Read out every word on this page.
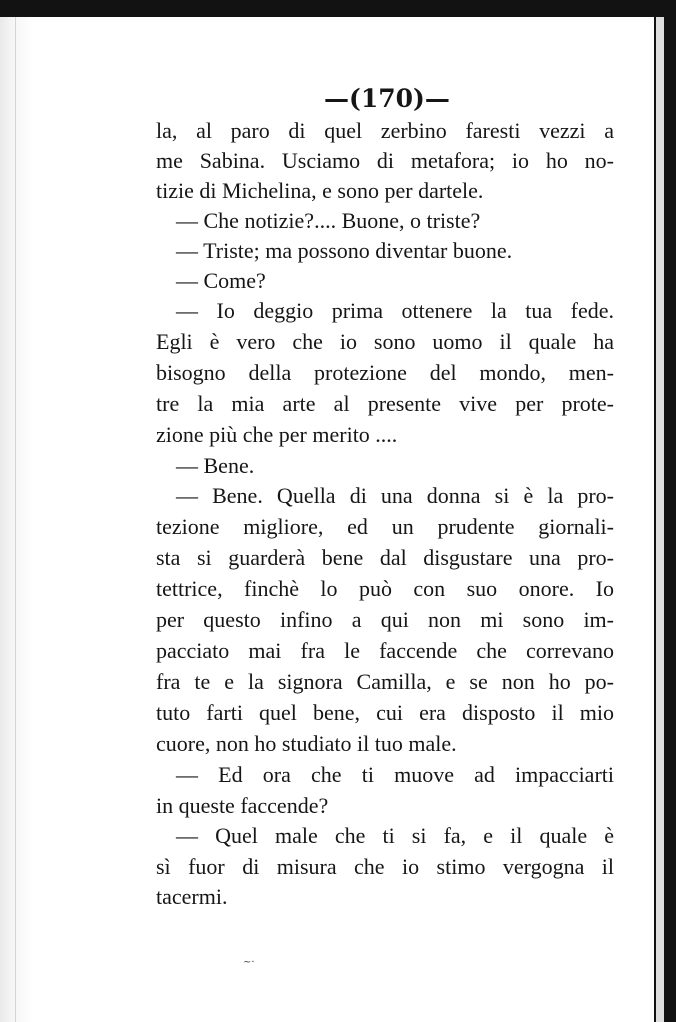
—(170)—
la, al paro di quel zerbino faresti vezzi a
me Sabina. Usciamo di metafora; io ho no-
tizie di Michelina, e sono per dartele.
— Che notizie?.... Buone, o triste?
— Triste; ma possono diventar buone.
— Come?
— Io deggio prima ottenere la tua fede.
Egli è vero che io sono uomo il quale ha
bisogno della protezione del mondo, men-
tre la mia arte al presente vive per prote-
zione più che per merito ....
— Bene.
— Bene. Quella di una donna si è la pro-
tezione migliore, ed un prudente giornali-
sta si guarderà bene dal disgustare una pro-
tettrice, finchè lo può con suo onore. Io
per questo infino a qui non mi sono im-
pacciato mai fra le faccende che correvano
fra te e la signora Camilla, e se non ho po-
tuto farti quel bene, cui era disposto il mio
cuore, non ho studiato il tuo male.
— Ed ora che ti muove ad impacciarti
in queste faccende?
— Quel male che ti si fa, e il quale è
sì fuor di misura che io stimo vergogna il
tacermi.
~·
